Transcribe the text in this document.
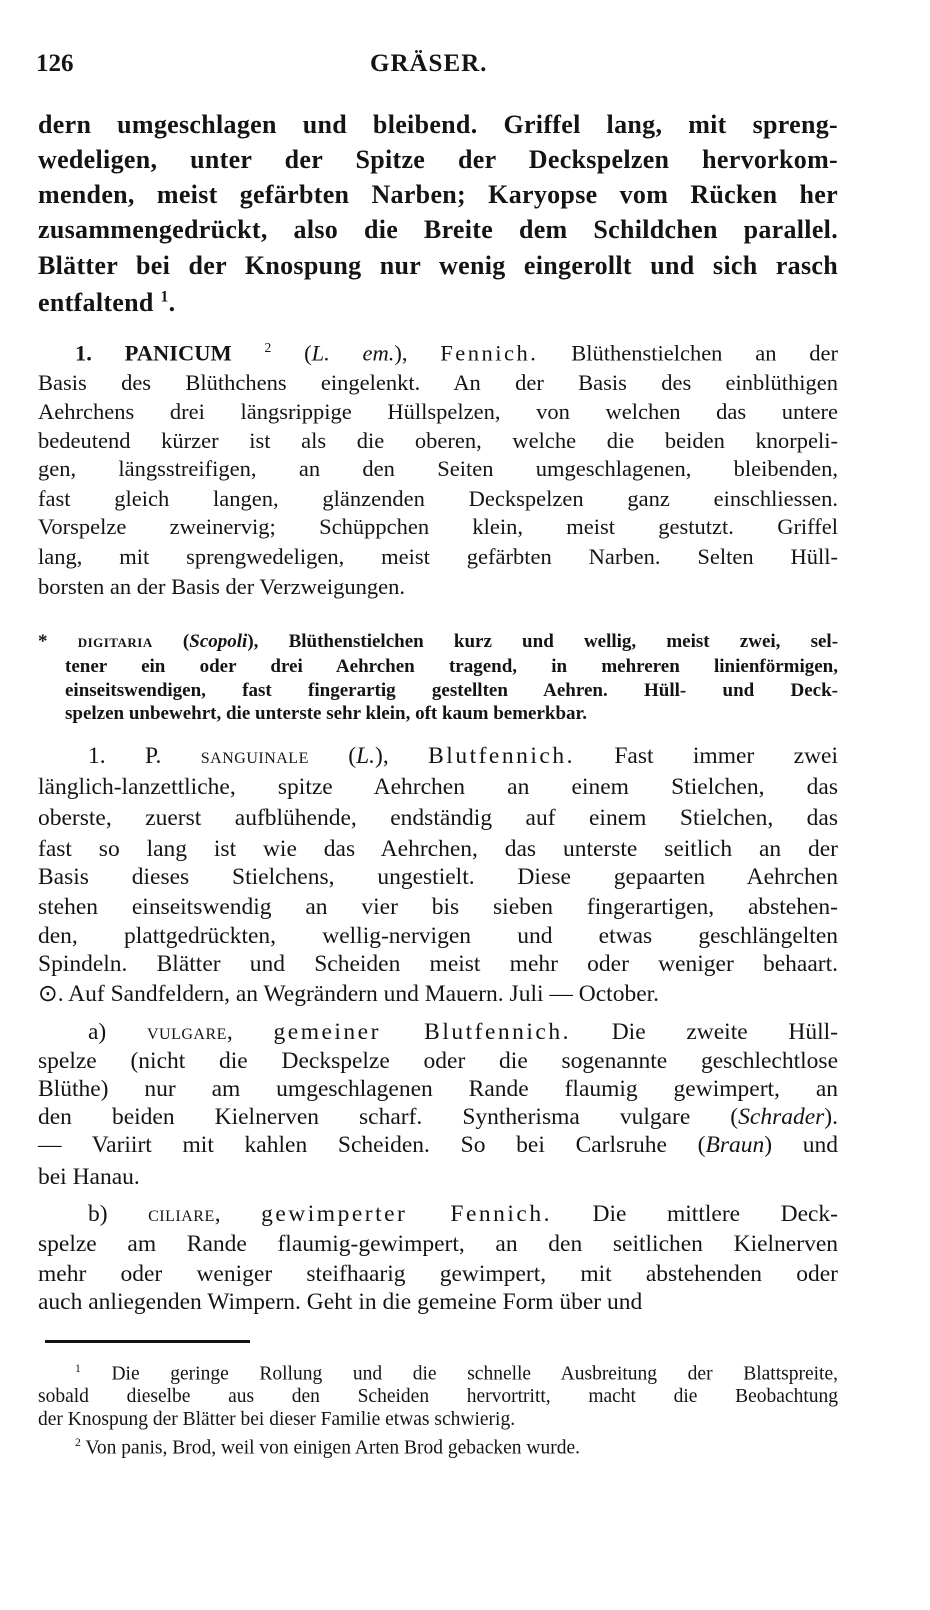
126	GRÄSER.
dern umgeschlagen und bleibend. Griffel lang, mit spreng-
wedeligen, unter der Spitze der Deckspelzen hervorkom-
menden, meist gefärbten Narben; Karyopse vom Rücken her
zusammengedrückt, also die Breite dem Schildchen parallel.
Blätter bei der Knospung nur wenig eingerollt und sich rasch
entfaltend $^1$.
1. PANICUM $^2$ (L. em.), Fennich. Blüthenstielchen an der
Basis des Blüthchens eingelenkt. An der Basis des einblüthigen
Aehrchens drei längsrippige Hüllspelzen, von welchen das untere
bedeutend kürzer ist als die oberen, welche die beiden knorpeli-
gen, längsstreifigen, an den Seiten umgeschlagenen, bleibenden,
fast gleich langen, glänzenden Deckspelzen ganz einschliessen.
Vorspelze zweinervig; Schüppchen klein, meist gestutzt. Griffel
lang, mit sprengwedeligen, meist gefärbten Narben. Selten Hüll-
borsten an der Basis der Verzweigungen.
* digitaria (Scopoli), Blüthenstielchen kurz und wellig, meist zwei, sel-
tener ein oder drei Aehrchen tragend, in mehreren linienförmigen,
einseitswendigen, fast fingerartig gestellten Aehren. Hüll- und Deck-
spelzen unbewehrt, die unterste sehr klein, oft kaum bemerkbar.
1. P. sanguinale (L.), Blutfennich. Fast immer zwei
länglich-lanzettliche, spitze Aehrchen an einem Stielchen, das
oberste, zuerst aufblühende, endständig auf einem Stielchen, das
fast so lang ist wie das Aehrchen, das unterste seitlich an der
Basis dieses Stielchens, ungestielt. Diese gepaarten Aehrchen
stehen einseitswendig an vier bis sieben fingerartigen, abstehen-
den, plattgedrückten, wellig-nervigen und etwas geschlängelten
Spindeln. Blätter und Scheiden meist mehr oder weniger behaart.
⊙. Auf Sandfeldern, an Wegrändern und Mauern. Juli — October.
a) vulgare, gemeiner Blutfennich. Die zweite Hüll-
spelze (nicht die Deckspelze oder die sogenannte geschlechtlose
Blüthe) nur am umgeschlagenen Rande flaumig gewimpert, an
den beiden Kielnerven scharf. Syntherisma vulgare (Schrader).
— Variirt mit kahlen Scheiden. So bei Carlsruhe (Braun) und
bei Hanau.
b) ciliare, gewimperter Fennich. Die mittlere Deck-
spelze am Rande flaumig-gewimpert, an den seitlichen Kielnerven
mehr oder weniger steifhaarig gewimpert, mit abstehenden oder
auch anliegenden Wimpern. Geht in die gemeine Form über und
$^1$ Die geringe Rollung und die schnelle Ausbreitung der Blattspreite,
sobald dieselbe aus den Scheiden hervortritt, macht die Beobachtung
der Knospung der Blätter bei dieser Familie etwas schwierig.
$^2$ Von panis, Brod, weil von einigen Arten Brod gebacken wurde.
